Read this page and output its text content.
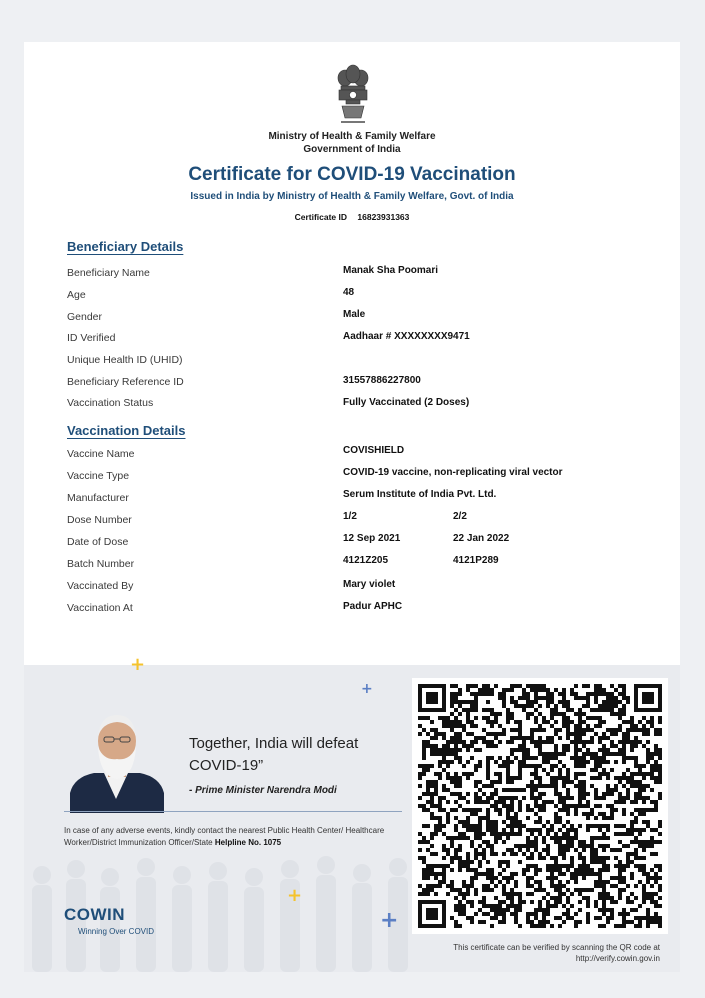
Ministry of Health & Family Welfare
Government of India
Certificate for COVID-19 Vaccination
Issued in India by Ministry of Health & Family Welfare, Govt. of India
Certificate ID 16823931363
Beneficiary Details
Beneficiary Name	Manak Sha Poomari
Age	48
Gender	Male
ID Verified	Aadhaar # XXXXXXXX9471
Unique Health ID (UHID)
Beneficiary Reference ID	31557886227800
Vaccination Status	Fully Vaccinated (2 Doses)
Vaccination Details
Vaccine Name	COVISHIELD
Vaccine Type	COVID-19 vaccine, non-replicating viral vector
Manufacturer	Serum Institute of India Pvt. Ltd.
Dose Number	1/2	2/2
Date of Dose	12 Sep 2021	22 Jan 2022
Batch Number	4121Z205	4121P289
Vaccinated By	Mary violet
Vaccination At	Padur APHC
+
+
+
+
Together, India will defeat COVID-19”
- Prime Minister Narendra Modi
In case of any adverse events, kindly contact the nearest Public Health Center/ Healthcare Worker/District Immunization Officer/State Helpline No. 1075
COWIN
Winning Over COVID
This certificate can be verified by scanning the QR code at
http://verify.cowin.gov.in
